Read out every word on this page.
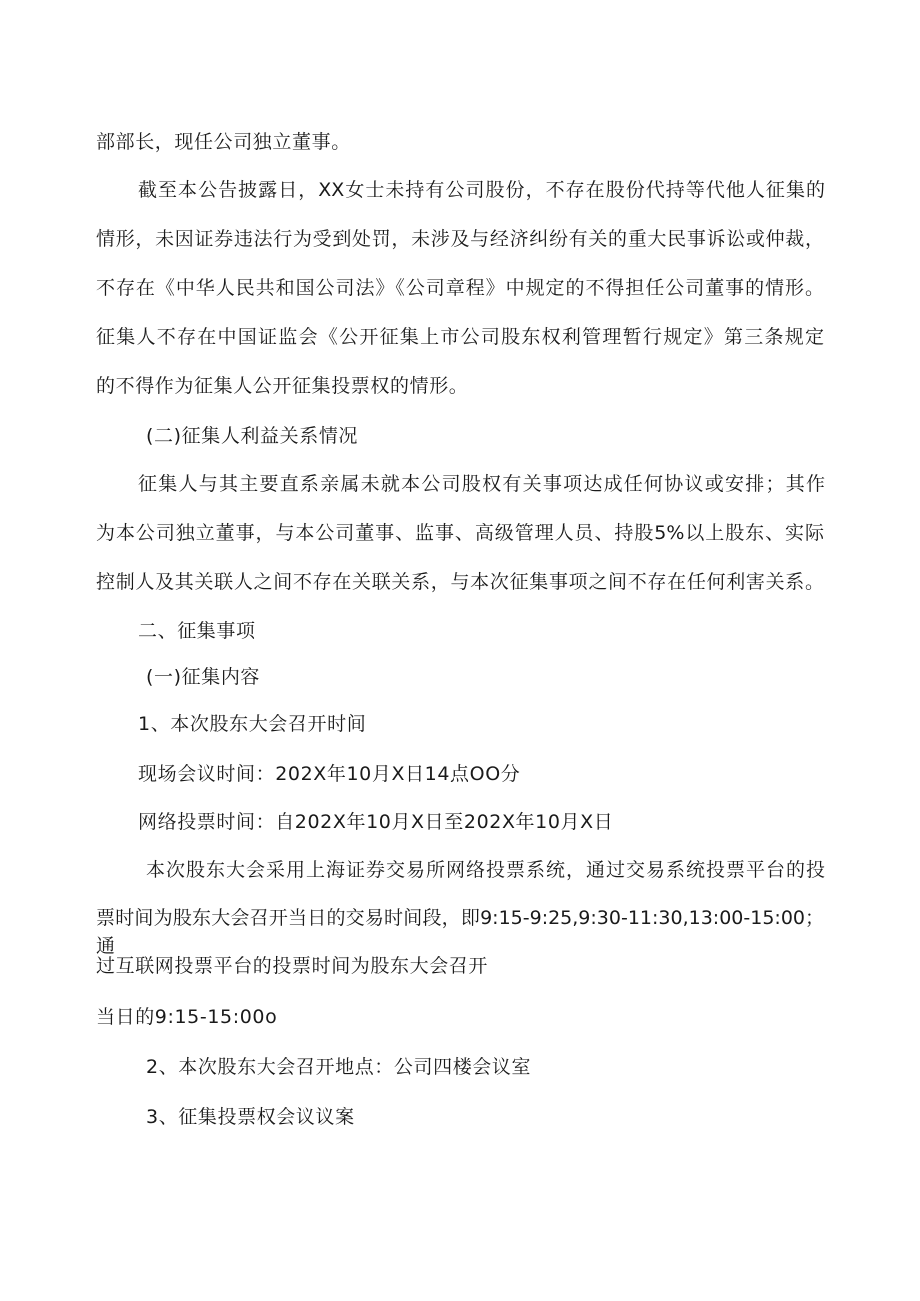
部部长，现任公司独立董事。
截至本公告披露日，XX女士未持有公司股份，不存在股份代持等代他人征集的
情形，未因证券违法行为受到处罚，未涉及与经济纠纷有关的重大民事诉讼或仲裁，
不存在《中华人民共和国公司法》《公司章程》中规定的不得担任公司董事的情形。
征集人不存在中国证监会《公开征集上市公司股东权利管理暂行规定》第三条规定
的不得作为征集人公开征集投票权的情形。
(二)征集人利益关系情况
征集人与其主要直系亲属未就本公司股权有关事项达成任何协议或安排；其作
为本公司独立董事，与本公司董事、监事、高级管理人员、持股5%以上股东、实际
控制人及其关联人之间不存在关联关系，与本次征集事项之间不存在任何利害关系。
二、征集事项
(一)征集内容
1、本次股东大会召开时间
现场会议时间：202X年10月X日14点OO分
网络投票时间：自202X年10月X日至202X年10月X日
本次股东大会采用上海证券交易所网络投票系统，通过交易系统投票平台的投
票时间为股东大会召开当日的交易时间段，即9:15-9:25,9:30-11:30,13:00-15:00；通
过互联网投票平台的投票时间为股东大会召开
当日的9:15-15:00o
2、本次股东大会召开地点：公司四楼会议室
3、征集投票权会议议案
